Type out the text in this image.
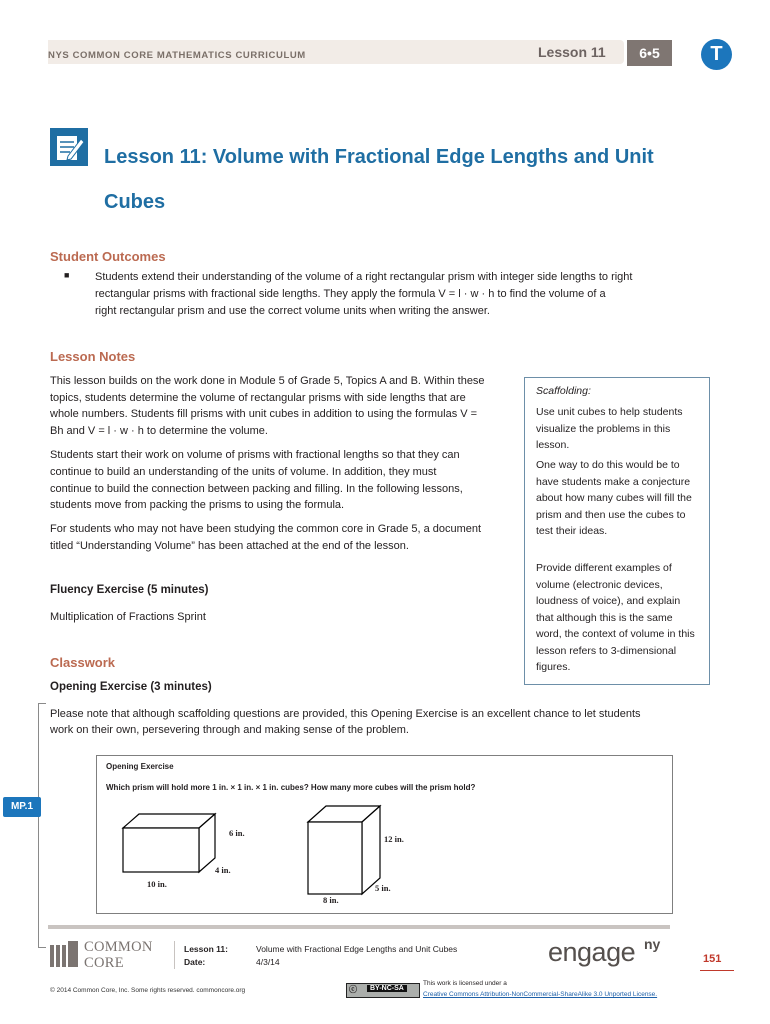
NYS COMMON CORE MATHEMATICS CURRICULUM	Lesson 11	6•5	T
Lesson 11: Volume with Fractional Edge Lengths and Unit Cubes
Student Outcomes
■ Students extend their understanding of the volume of a right rectangular prism with integer side lengths to right

rectangular prisms with fractional side lengths. They apply the formula V = l · w · h to find the volume of a

right rectangular prism and use the correct volume units when writing the answer.

Lesson Notes

This lesson builds on the work done in Module 5 of Grade 5, Topics A and B. Within these

topics, students determine the volume of rectangular prisms with side lengths that are

whole numbers. Students fill prisms with unit cubes in addition to using the formulas V =

Bh and V = l · w · h to determine the volume.

Students start their work on volume of prisms with fractional lengths so that they can

continue to build an understanding of the units of volume. In addition, they must

continue to build the connection between packing and filling. In the following lessons,

students move from packing the prisms to using the formula.

For students who may not have been studying the common core in Grade 5, a document

titled “Understanding Volume” has been attached at the end of the lesson.

Scaffolding:

Use unit cubes to help students visualize the problems in this lesson.

One way to do this would be to have students make a conjecture about how many cubes will fill the prism and then use the cubes to test their ideas.

Provide different examples of volume (electronic devices, loudness of voice), and explain that although this is the same word, the context of volume in this lesson refers to 3-dimensional figures.

Fluency Exercise (5 minutes)

Multiplication of Fractions Sprint

Classwork
Opening Exercise (3 minutes)

Please note that although scaffolding questions are provided, this Opening Exercise is an excellent chance to let students

work on their own, persevering through and making sense of the problem.

MP.1
Opening Exercise
Which prism will hold more 1 in. × 1 in. × 1 in. cubes? How many more cubes will the prism hold?
6 in.
4 in.
10 in.
12 in.
5 in.
8 in.
COMMON
CORE
Lesson 11:
Date:
Volume with Fractional Edge Lengths and Unit Cubes
4/3/14	engage ny
151
© 2014 Common Core, Inc. Some rights reserved. commoncore.org	ⓒ	BY-NC-SA
This work is licensed under a
Creative Commons Attribution-NonCommercial-ShareAlike 3.0 Unported License.
